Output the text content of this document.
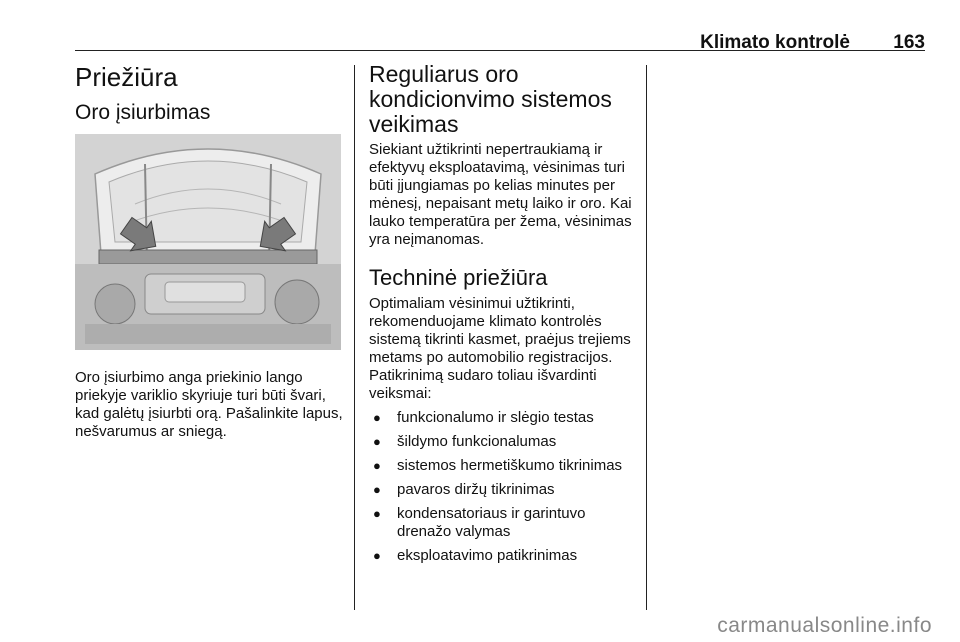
Klimato kontrolė 163
Priežiūra
Oro įsiurbimas

Oro įsiurbimo anga priekinio lango priekyje variklio skyriuje turi būti švari, kad galėtų įsiurbti orą. Pašalinkite lapus, nešvarumus ar sniegą.

Reguliarus oro kondicionvimo sistemos veikimas

Siekiant užtikrinti nepertraukiamą ir efektyvų eksploatavimą, vėsinimas turi būti įjungiamas po kelias minutes per mėnesį, nepaisant metų laiko ir oro. Kai lauko temperatūra per žema, vėsinimas yra neįmanomas.

Techninė priežiūra

Optimaliam vėsinimui užtikrinti, rekomenduojame klimato kontrolės sistemą tikrinti kasmet, praėjus trejiems metams po automobilio registracijos. Patikrinimą sudaro toliau išvardinti veiksmai:

● funkcionalumo ir slėgio testas
● šildymo funkcionalumas
● sistemos hermetiškumo tikrinimas
● pavaros diržų tikrinimas
● kondensatoriaus ir garintuvo drenažo valymas
● eksploatavimo patikrinimas
carmanualsonline.info
